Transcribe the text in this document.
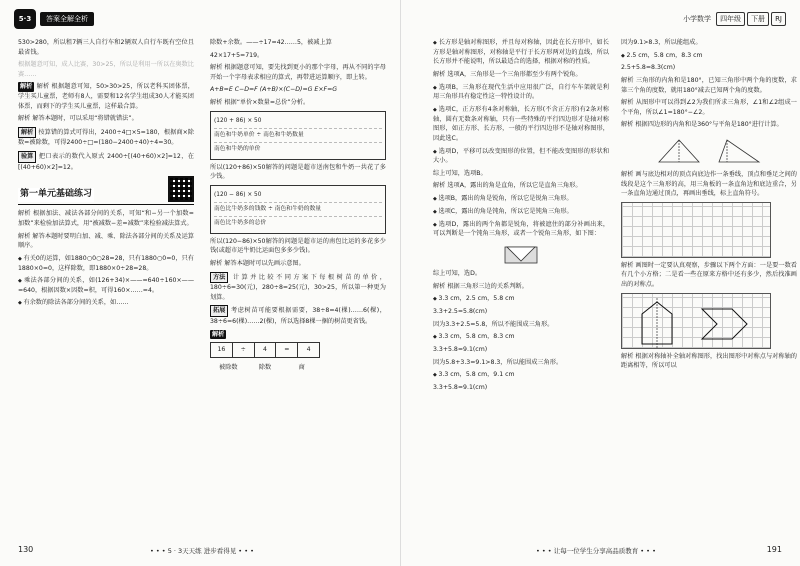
5·3	答案全解全析

530>280，所以租7辆三人自行车和2辆双人自行车既有空位且最省钱。

根据题意可知，成人比赛，30>25，所以是利用一所以在奥数比赛……

解析 解析 根据题意可知，50>30>25，所以老科买团体票，学生买儿童票，老师有8人，需要和12名学生组成30人才能买团体票，而剩下的学生买儿童票，这样最合算。

解析 解答本题时，可以采用“将错就错法”。

解析 按算错的算式可得出，2400÷4□×5=180，根据商×除数=被除数，可得2400÷□=(180−2400÷40)÷4=30。

验算 把口表示的数代入原式 2400÷[(40+60)×2]=12，在[(40+60)×2]=12。

第一单元基础练习

解析 根据加法、减法各部分间的关系，可知“和−另一个加数=加数”来检验加法算式，用“被减数−差=减数”来检验减法算式。

解析 解答本题时要明白加、减、乘、除法各部分间的关系及运算顺序。

◆ 有关0的运算，如1880○0○28=28，只有1880○0=0，只有1880×0=0，这样除数，即1880×0÷28=28。

◆ 乘法各部分间的关系，如(126+34)×——=640÷160×——=640，根据因数×因数=积，可得160×……=4。

◆ 有余数的除法各部分间的关系，如……

除数+余数。——÷17=42……5，被减上算

42×17+5=719。

解析 根据题意可知，要先找到更小的那个字母，再从不同的字母开始一个字母表求相应的算式，再带进运算顺序，即上转。

A+B=E C−D=F (A+B)×(C−D)=G E×F=G

解析 根据“单价×数量=总价”分析。

(120 + 86) × 50
南色和牛奶单价 ÷ 南色和牛奶数量
南色和牛奶的单价

所以(120+86)×50解答的问题是超市送南包和牛奶一共花了多少钱。

(120 − 86) × 50
南色比牛奶多的钱数 ÷ 南色和牛奶的数量
南色比牛奶多的总价

所以(120−86)×50解答的问题是超市运的南包比运的多花多少钱(或超市运牛奶比运面包多多少钱)。

解析 解答本题时可以先画示意图。

方法 计算并比较不同方案下每根树苗的单价，180÷6=30(元)，280÷8=25(元)，30>25，所以第一种更为划算。

拓展 考虑树苗可能要根据需要，38÷8=4(棵)……6(棵)，38÷6=6(棵)……2(棵)，所以选择8棵一捆的树苗更省钱。

解析

16	÷	4	=	4
被除数	除数	商
130	• • • 5 · 3天天练 进步看得见 • • •
小学数学	四年级	下册	RJ

◆ 长方形是轴对称图形，并且每对称轴，因此在长方形中，如长方形是轴对称图形，对称轴是平行于长方形两对边的直线，所以长方形并不能说明，所以最适合的选择，根据对称的性质。

解析 选项A，三角形是一个三角形都至少有两个锐角。

◆ 选项B，三角形在现代生活中应用很广泛，自行车车架就是利用三角形具有稳定性这一特性设计的。

◆ 选项C，正方形有4条对称轴，长方形(不含正方形)有2条对称轴，圆有无数条对称轴，只有一些特殊的平行四边形才是轴对称图形，如正方形、长方形，一般的平行四边形不是轴对称图形，因此选C。

◆ 选项D，平移可以改变图形的位置，但不能改变图形的形状和大小。

综上可知，选项B。

解析 选项A，露出的角是直角，所以它是直角三角形。

◆ 选项B，露出的角是锐角，所以它是锐角三角形。

◆ 选项C，露出的角是钝角，所以它是钝角三角形。

◆ 选项D，露出的两个角都是锐角，将被遮住的部分补画出来，可以判断是一个钝角三角形，或者一个锐角三角形，如下图：

综上可知，选D。

解析 根据三角形三边的关系判断。

◆ 3.3 cm，2.5 cm，5.8 cm

3.3+2.5=5.8(cm)

因为3.3+2.5=5.8，所以不能围成三角形。

◆ 3.3 cm，5.8 cm，8.3 cm

3.3+5.8=9.1(cm)

因为5.8+3.3=9.1>8.3，所以能围成三角形。

◆ 3.3 cm，5.8 cm，9.1 cm

3.3+5.8=9.1(cm)

因为9.1>8.3，所以能组成。

◆ 2.5 cm，5.8 cm，8.3 cm

2.5+5.8=8.3(cm)

解析 三角形的内角和是180°，已知三角形中两个角的度数，求第三个角的度数，就用180°减去已知两个角的度数。

解析 从图形中可以得到∠2为我们所求三角形，∠1和∠2组成一个平角，所以∠1=180°−∠2。

解析 根据四边形的内角和是360°与平角是180°进行计算。

解析 画与底边相对的顶点向底边作一条垂线，顶点和垂足之间的线段是这个三角形的高，用三角板的一条直角边和底边重合，另一条直角边通过顶点，再画出垂线，标上直角符号。

解析 画图时一定要认真观察，步骤以下两个方面：一是要一数看有几个小方格；二是看一些在原来方格中还有多少，然后找准画出的对称点。

解析 根据对称轴补全轴对称图形，找出图形中对称点与对称轴的距离相等，所以可以

• • • 让每一位学生分享高品质教育 • • •	191
